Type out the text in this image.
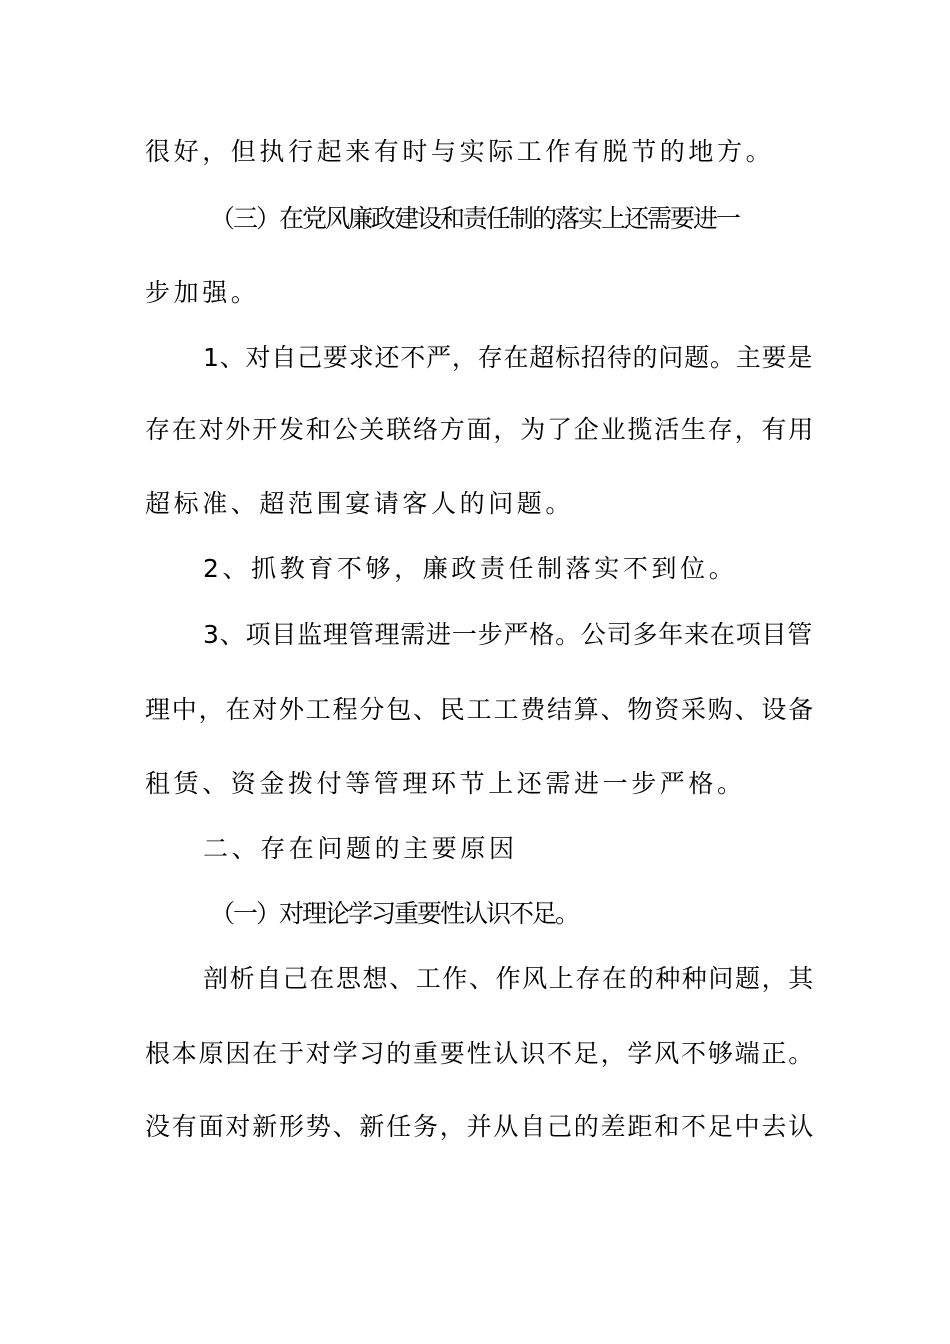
很好，但执行起来有时与实际工作有脱节的地方。
（三）在党风廉政建设和责任制的落实上还需要进一
步加强。
1、对自己要求还不严，存在超标招待的问题。主要是
存在对外开发和公关联络方面，为了企业揽活生存，有用
超标准、超范围宴请客人的问题。
2、抓教育不够，廉政责任制落实不到位。
3、项目监理管理需进一步严格。公司多年来在项目管
理中，在对外工程分包、民工工费结算、物资采购、设备
租赁、资金拨付等管理环节上还需进一步严格。
二、存在问题的主要原因
（一）对理论学习重要性认识不足。
剖析自己在思想、工作、作风上存在的种种问题，其
根本原因在于对学习的重要性认识不足，学风不够端正。
没有面对新形势、新任务，并从自己的差距和不足中去认
